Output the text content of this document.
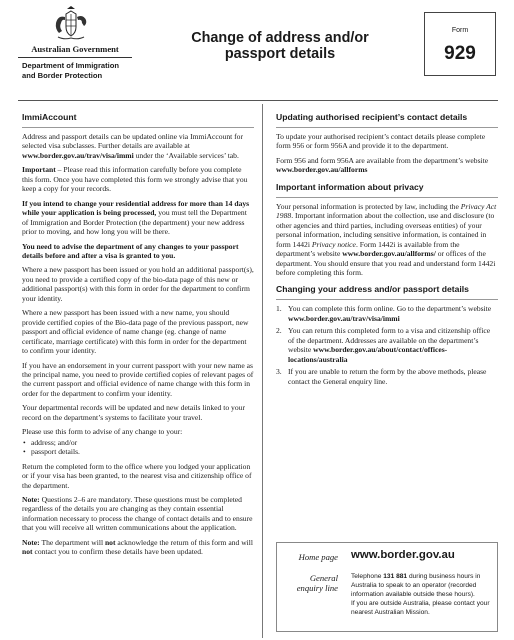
Australian Government
Department of Immigration
and Border Protection
Change of address and/or
passport details
Form
929
ImmiAccount

Address and passport details can be updated online via ImmiAccount for selected visa subclasses. Further details are available at www.border.gov.au/trav/visa/immi under the ‘Available services’ tab.

Important – Please read this information carefully before you complete this form. Once you have completed this form we strongly advise that you keep a copy for your records.

If you intend to change your residential address for more than 14 days while your application is being processed, you must tell the Department of Immigration and Border Protection (the department) your new address prior to moving, and how long you will be there.

You need to advise the department of any changes to your passport details before and after a visa is granted to you.

Where a new passport has been issued or you hold an additional passport(s), you need to provide a certified copy of the bio-data page of this new or additional passport(s) with this form in order for the department to confirm your identity.

Where a new passport has been issued with a new name, you should provide certified copies of the Bio-data page of the previous passport, new passport and official evidence of name change (eg. change of name certificate, marriage certificate) with this form in order for the department to confirm your identity.

If you have an endorsement in your current passport with your new name as the principal name, you need to provide certified copies of relevant pages of the current passport and official evidence of name change with this form in order for the department to confirm your identity.

Your departmental records will be updated and new details linked to your record on the department’s systems to facilitate your travel.

Please use this form to advise of any change to your:

• address; and/or
• passport details.

Return the completed form to the office where you lodged your application or if your visa has been granted, to the nearest visa and citizenship office of the department.

Note: Questions 2–6 are mandatory. These questions must be completed regardless of the details you are changing as they contain essential information necessary to process the change of contact details and to ensure that you will receive all written communications about the application.

Note: The department will not acknowledge the return of this form and will not contact you to confirm these details have been updated.

Updating authorised recipient’s contact details

To update your authorised recipient’s contact details please complete form 956 or form 956A and provide it to the department.

Form 956 and form 956A are available from the department’s website www.border.gov.au/allforms

Important information about privacy

Your personal information is protected by law, including the Privacy Act 1988. Important information about the collection, use and disclosure (to other agencies and third parties, including overseas entities) of your personal information, including sensitive information, is contained in form 1442i Privacy notice. Form 1442i is available from the department’s website www.border.gov.au/allforms/ or offices of the department. You should ensure that you read and understand form 1442i before completing this form.

Changing your address and/or passport details
1. You can complete this form online. Go to the department’s website www.border.gov.au/trav/visa/immi
2. You can return this completed form to a visa and citizenship office of the department. Addresses are available on the department’s website www.border.gov.au/about/contact/offices-locations/australia
3. If you are unable to return the form by the above methods, please contact the General enquiry line.
Home page www.border.gov.au
General
enquiry line
Telephone 131 881 during business hours in Australia to speak to an operator (recorded information available outside these hours).
If you are outside Australia, please contact your nearest Australian Mission.
